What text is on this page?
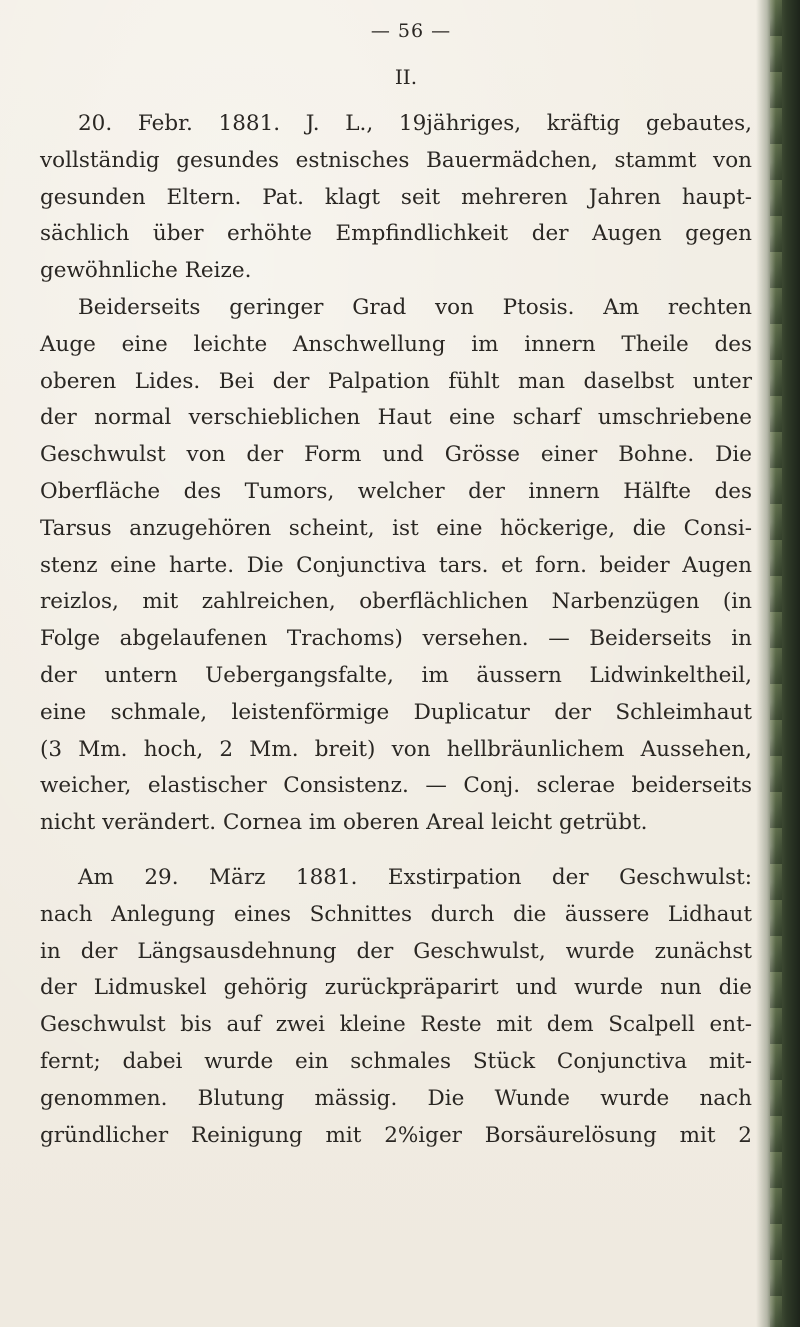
— 56 —
II.
20. Febr. 1881. J. L., 19jähriges, kräftig gebautes,
vollständig gesundes estnisches Bauermädchen, stammt von
gesunden Eltern. Pat. klagt seit mehreren Jahren haupt-
sächlich über erhöhte Empfindlichkeit der Augen gegen
gewöhnliche Reize.
Beiderseits geringer Grad von Ptosis. Am rechten
Auge eine leichte Anschwellung im innern Theile des
oberen Lides. Bei der Palpation fühlt man daselbst unter
der normal verschieblichen Haut eine scharf umschriebene
Geschwulst von der Form und Grösse einer Bohne. Die
Oberfläche des Tumors, welcher der innern Hälfte des
Tarsus anzugehören scheint, ist eine höckerige, die Consi-
stenz eine harte. Die Conjunctiva tars. et forn. beider Augen
reizlos, mit zahlreichen, oberflächlichen Narbenzügen (in
Folge abgelaufenen Trachoms) versehen. — Beiderseits in
der untern Uebergangsfalte, im äussern Lidwinkeltheil,
eine schmale, leistenförmige Duplicatur der Schleimhaut
(3 Mm. hoch, 2 Mm. breit) von hellbräunlichem Aussehen,
weicher, elastischer Consistenz. — Conj. sclerae beiderseits
nicht verändert. Cornea im oberen Areal leicht getrübt.
Am 29. März 1881. Exstirpation der Geschwulst:
nach Anlegung eines Schnittes durch die äussere Lidhaut
in der Längsausdehnung der Geschwulst, wurde zunächst
der Lidmuskel gehörig zurückpräparirt und wurde nun die
Geschwulst bis auf zwei kleine Reste mit dem Scalpell ent-
fernt; dabei wurde ein schmales Stück Conjunctiva mit-
genommen. Blutung mässig. Die Wunde wurde nach
gründlicher Reinigung mit 2%iger Borsäurelösung mit 2
